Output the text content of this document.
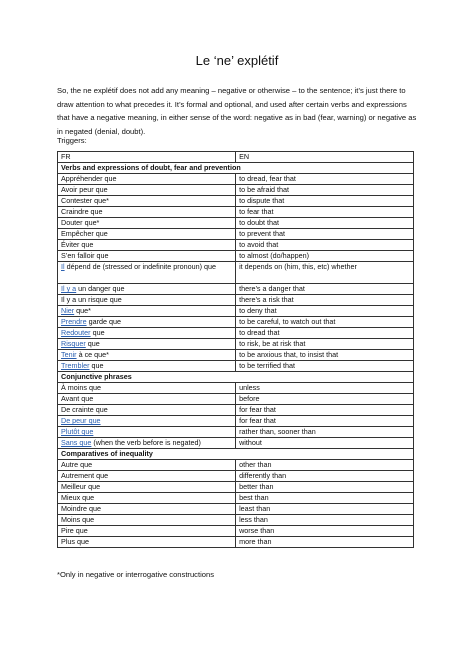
Le ‘ne’ explétif

So, the ne explétif does not add any meaning – negative or otherwise – to the sentence; it’s just there to draw attention to what precedes it. It’s formal and optional, and used after certain verbs and expressions that have a negative meaning, in either sense of the word: negative as in bad (fear, warning) or negative as in negated (denial, doubt).

Triggers:

FR	EN
Verbs and expressions of doubt, fear and prevention	
Appréhender que	to dread, fear that
Avoir peur que	to be afraid that
Contester que*	to dispute that
Craindre que	to fear that
Douter que*	to doubt that
Empêcher que	to prevent that
Éviter que	to avoid that
S’en falloir que	to almost (do/happen)
Il dépend de (stressed or indefinite pronoun) que	it depends on (him, this, etc) whether
Il y a un danger que	there’s a danger that
Il y a un risque que	there’s a risk that
Nier que*	to deny that
Prendre garde que	to be careful, to watch out that
Redouter que	to dread that
Risquer que	to risk, be at risk that
Tenir à ce que*	to be anxious that, to insist that
Trembler que	to be terrified that
Conjunctive phrases	
À moins que	unless
Avant que	before
De crainte que	for fear that
De peur que	for fear that
Plutôt que	rather than, sooner than
Sans que (when the verb before is negated)	without
Comparatives of inequality	
Autre que	other than
Autrement que	differently than
Meilleur que	better than
Mieux que	best than
Moindre que	least than
Moins que	less than
Pire que	worse than
Plus que	more than

*Only in negative or interrogative constructions
